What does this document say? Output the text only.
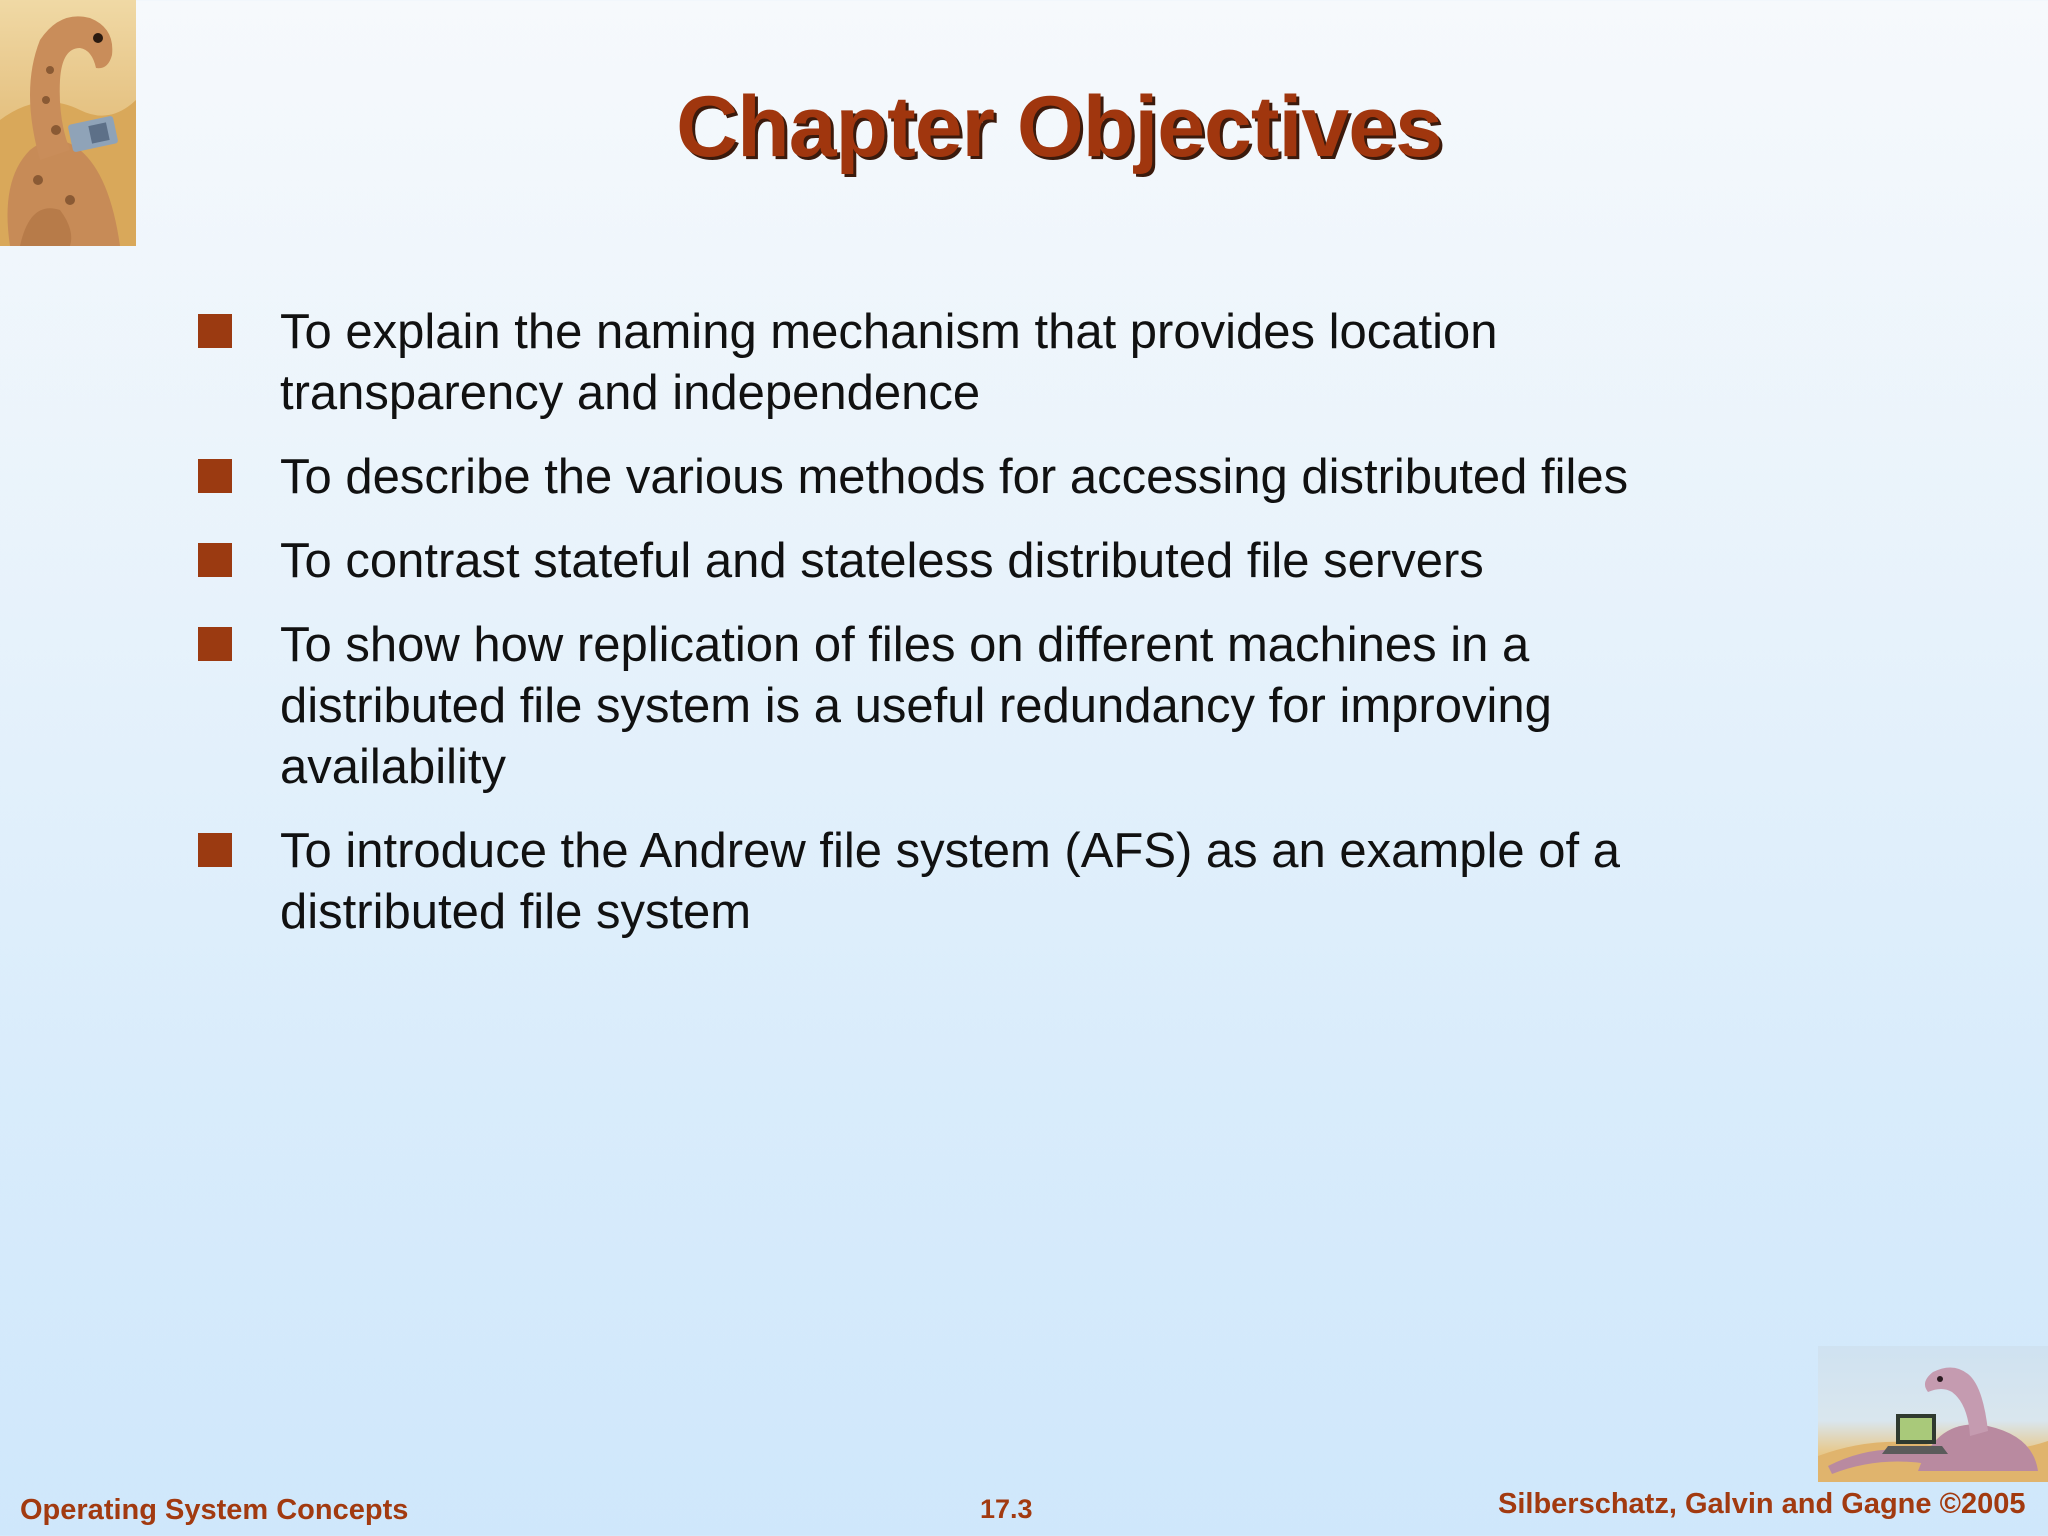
Chapter Objectives
To explain the naming mechanism that provides location transparency and independence
To describe the various methods for accessing distributed files
To contrast stateful and stateless distributed file servers
To show how replication of files on different machines in a distributed file system is a useful redundancy for improving availability
To introduce the Andrew file system (AFS) as an example of a distributed file system
Operating System Concepts	17.3	Silberschatz, Galvin and Gagne ©2005
